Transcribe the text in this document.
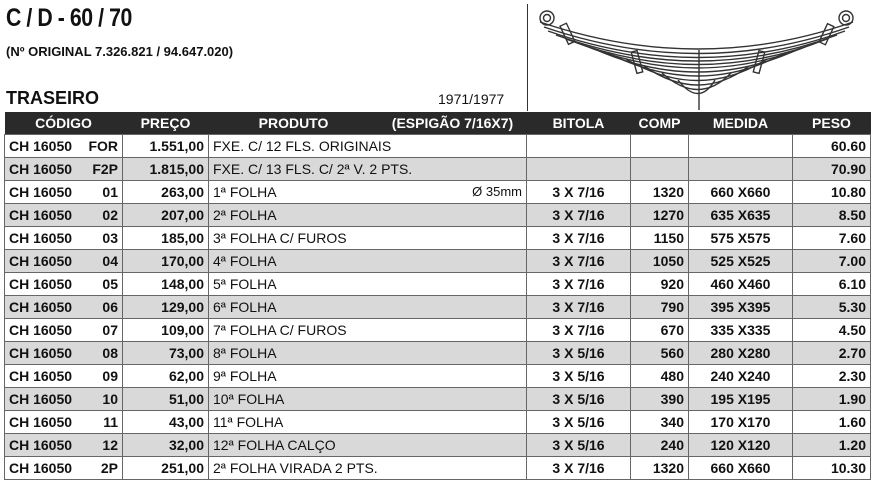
C / D - 60 / 70
(Nº ORIGINAL 7.326.821 / 94.647.020)
TRASEIRO	1971/1977
CÓDIGO	PREÇO	PRODUTO (ESPIGÃO 7/16X7)	BITOLA	COMP	MEDIDA	PESO

CH 16050 FOR	1.551,00	FXE. C/ 12 FLS. ORIGINAIS				60.60

CH 16050 F2P	1.815,00	FXE. C/ 13 FLS. C/ 2ª V. 2 PTS.				70.90

CH 16050 01	263,00	1ª FOLHA Ø 35mm	3 X 7/16	1320	660 X660	10.80

CH 16050 02	207,00	2ª FOLHA	3 X 7/16	1270	635 X635	8.50

CH 16050 03	185,00	3ª FOLHA C/ FUROS	3 X 7/16	1150	575 X575	7.60

CH 16050 04	170,00	4ª FOLHA	3 X 7/16	1050	525 X525	7.00

CH 16050 05	148,00	5ª FOLHA	3 X 7/16	920	460 X460	6.10

CH 16050 06	129,00	6ª FOLHA	3 X 7/16	790	395 X395	5.30

CH 16050 07	109,00	7ª FOLHA C/ FUROS	3 X 7/16	670	335 X335	4.50

CH 16050 08	73,00	8ª FOLHA	3 X 5/16	560	280 X280	2.70

CH 16050 09	62,00	9ª FOLHA	3 X 5/16	480	240 X240	2.30

CH 16050 10	51,00	10ª FOLHA	3 X 5/16	390	195 X195	1.90

CH 16050 11	43,00	11ª FOLHA	3 X 5/16	340	170 X170	1.60

CH 16050 12	32,00	12ª FOLHA CALÇO	3 X 5/16	240	120 X120	1.20

CH 16050 2P	251,00	2ª FOLHA VIRADA 2 PTS.	3 X 7/16	1320	660 X660	10.30
